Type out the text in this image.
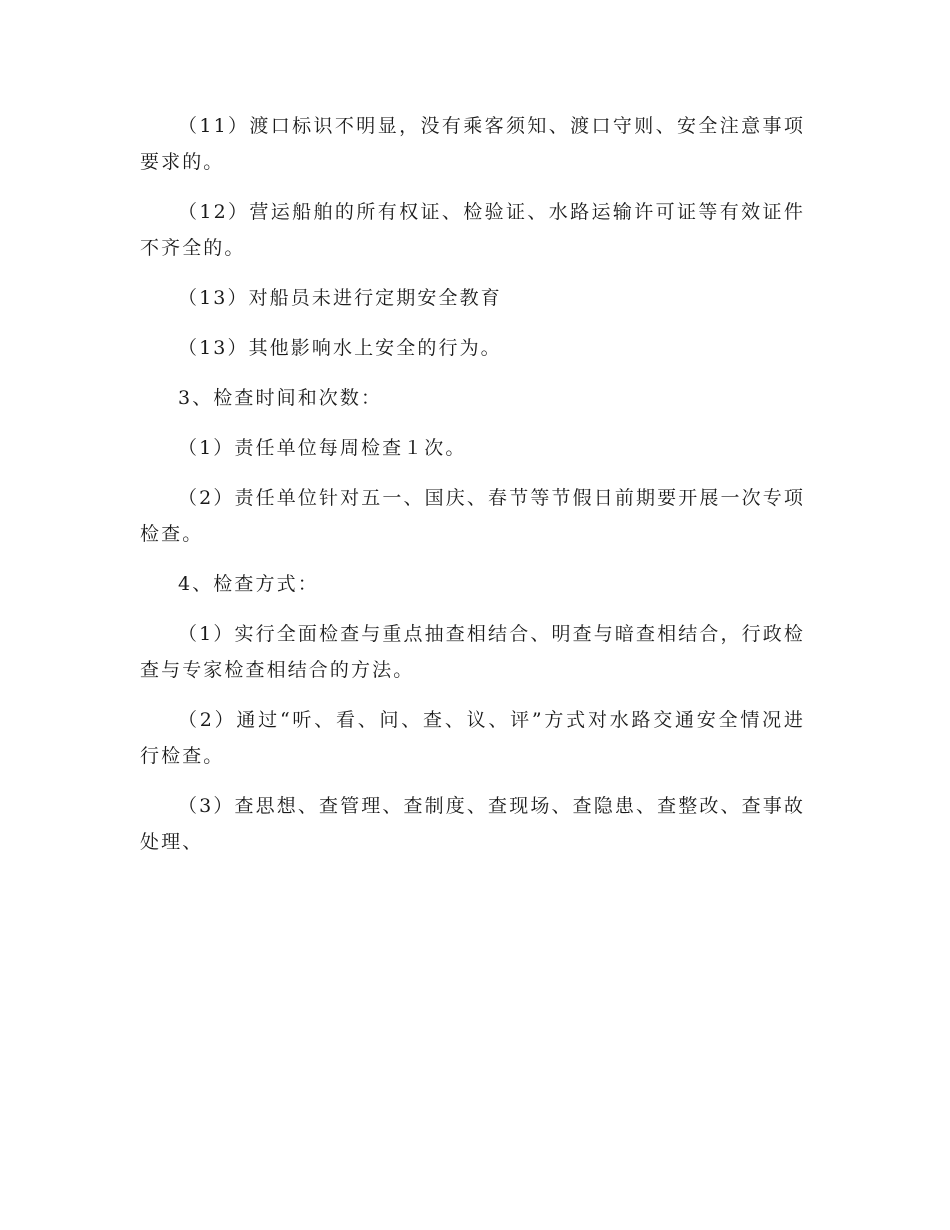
（11）渡口标识不明显，没有乘客须知、渡口守则、安全注意事项要求的。

（12）营运船舶的所有权证、检验证、水路运输许可证等有效证件不齐全的。

（13）对船员未进行定期安全教育

（13）其他影响水上安全的行为。

3、检查时间和次数：

（1）责任单位每周检查１次。

（2）责任单位针对五一、国庆、春节等节假日前期要开展一次专项检查。

4、检查方式：

（1）实行全面检查与重点抽查相结合、明查与暗查相结合，行政检查与专家检查相结合的方法。

（2）通过“听、看、问、查、议、评”方式对水路交通安全情况进行检查。

（3）查思想、查管理、查制度、查现场、查隐患、查整改、查事故处理、
